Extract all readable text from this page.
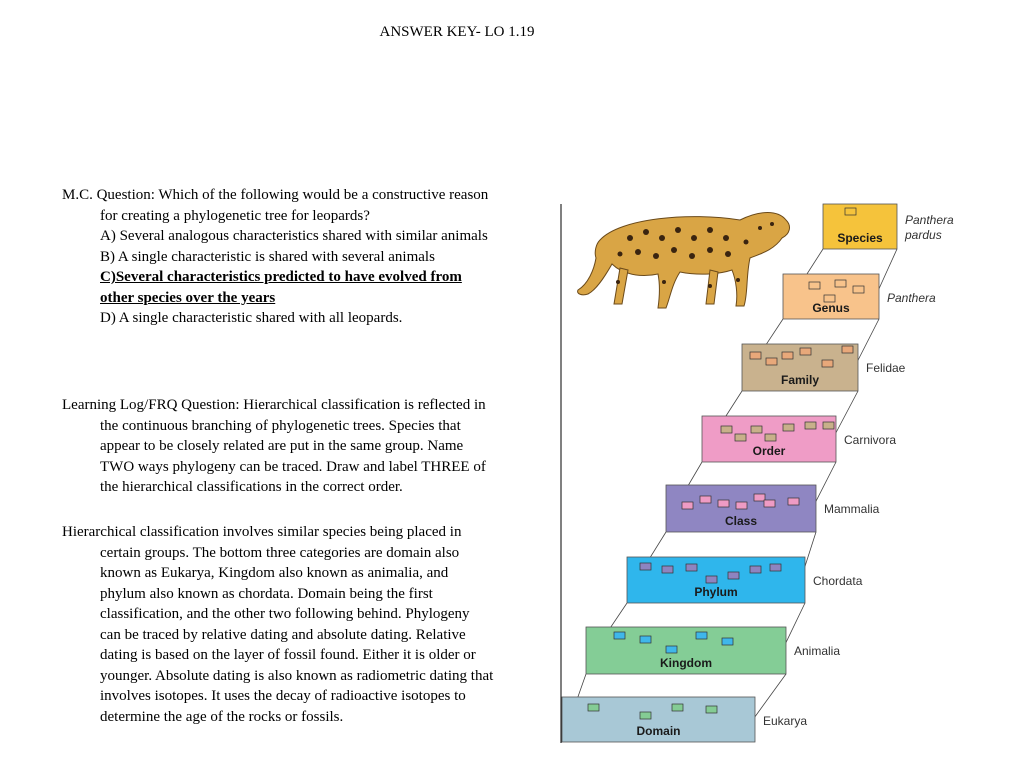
ANSWER KEY- LO 1.19

M.C. Question: Which of the following would be a constructive reason for creating a phylogenetic tree for leopards?

A) Several analogous characteristics shared with similar animals

B) A single characteristic is shared with several animals

C)Several characteristics predicted to have evolved from other species over the years

D) A single characteristic shared with all leopards.

Learning Log/FRQ Question: Hierarchical classification is reflected in the continuous branching of phylogenetic trees. Species that appear to be closely related are put in the same group. Name TWO ways phylogeny can be traced. Draw and label THREE of the hierarchical classifications in the correct order.

Hierarchical classification involves similar species being placed in certain groups. The bottom three categories are domain also known as Eukarya, Kingdom also known as animalia, and phylum also known as chordata. Domain being the first classification, and the other two following behind. Phylogeny can be traced by relative dating and absolute dating. Relative dating is based on the layer of fossil found. Either it is older or younger. Absolute dating is also known as radiometric dating that involves isotopes. It uses the decay of radioactive isotopes to determine the age of the rocks or fossils.

Species
Panthera
pardus
Genus
Panthera
Family
Felidae
Order
Carnivora
Class
Mammalia
Phylum
Chordata
Kingdom
Animalia
Domain
Eukarya
